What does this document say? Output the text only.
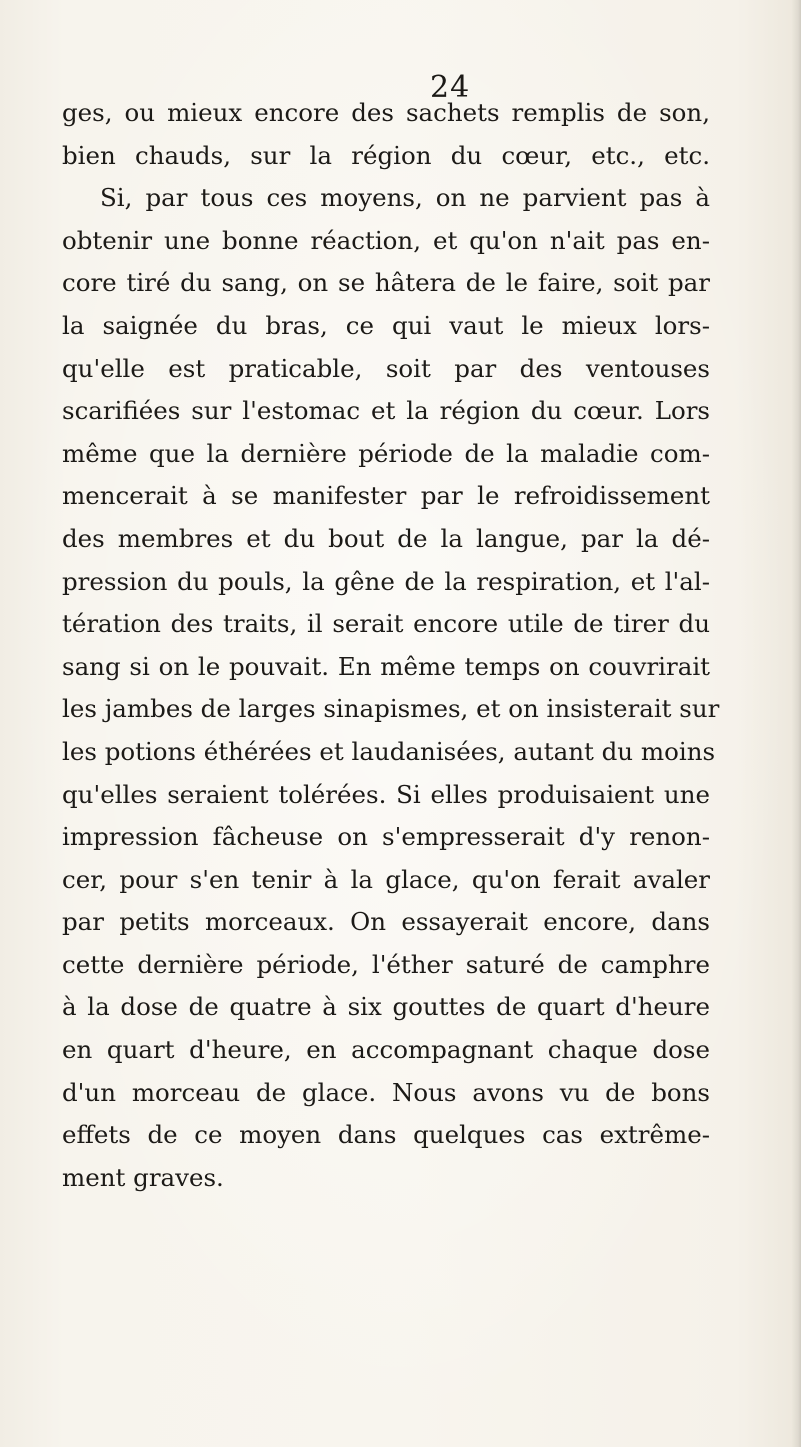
24
ges, ou mieux encore des sachets remplis de son,
bien chauds, sur la région du cœur, etc., etc.
Si, par tous ces moyens, on ne parvient pas à
obtenir une bonne réaction, et qu'on n'ait pas en-
core tiré du sang, on se hâtera de le faire, soit par
la saignée du bras, ce qui vaut le mieux lors-
qu'elle est praticable, soit par des ventouses
scarifiées sur l'estomac et la région du cœur. Lors
même que la dernière période de la maladie com-
mencerait à se manifester par le refroidissement
des membres et du bout de la langue, par la dé-
pression du pouls, la gêne de la respiration, et l'al-
tération des traits, il serait encore utile de tirer du
sang si on le pouvait. En même temps on couvrirait
les jambes de larges sinapismes, et on insisterait sur
les potions éthérées et laudanisées, autant du moins
qu'elles seraient tolérées. Si elles produisaient une
impression fâcheuse on s'empresserait d'y renon-
cer, pour s'en tenir à la glace, qu'on ferait avaler
par petits morceaux. On essayerait encore, dans
cette dernière période, l'éther saturé de camphre
à la dose de quatre à six gouttes de quart d'heure
en quart d'heure, en accompagnant chaque dose
d'un morceau de glace. Nous avons vu de bons
effets de ce moyen dans quelques cas extrême-
ment graves.
